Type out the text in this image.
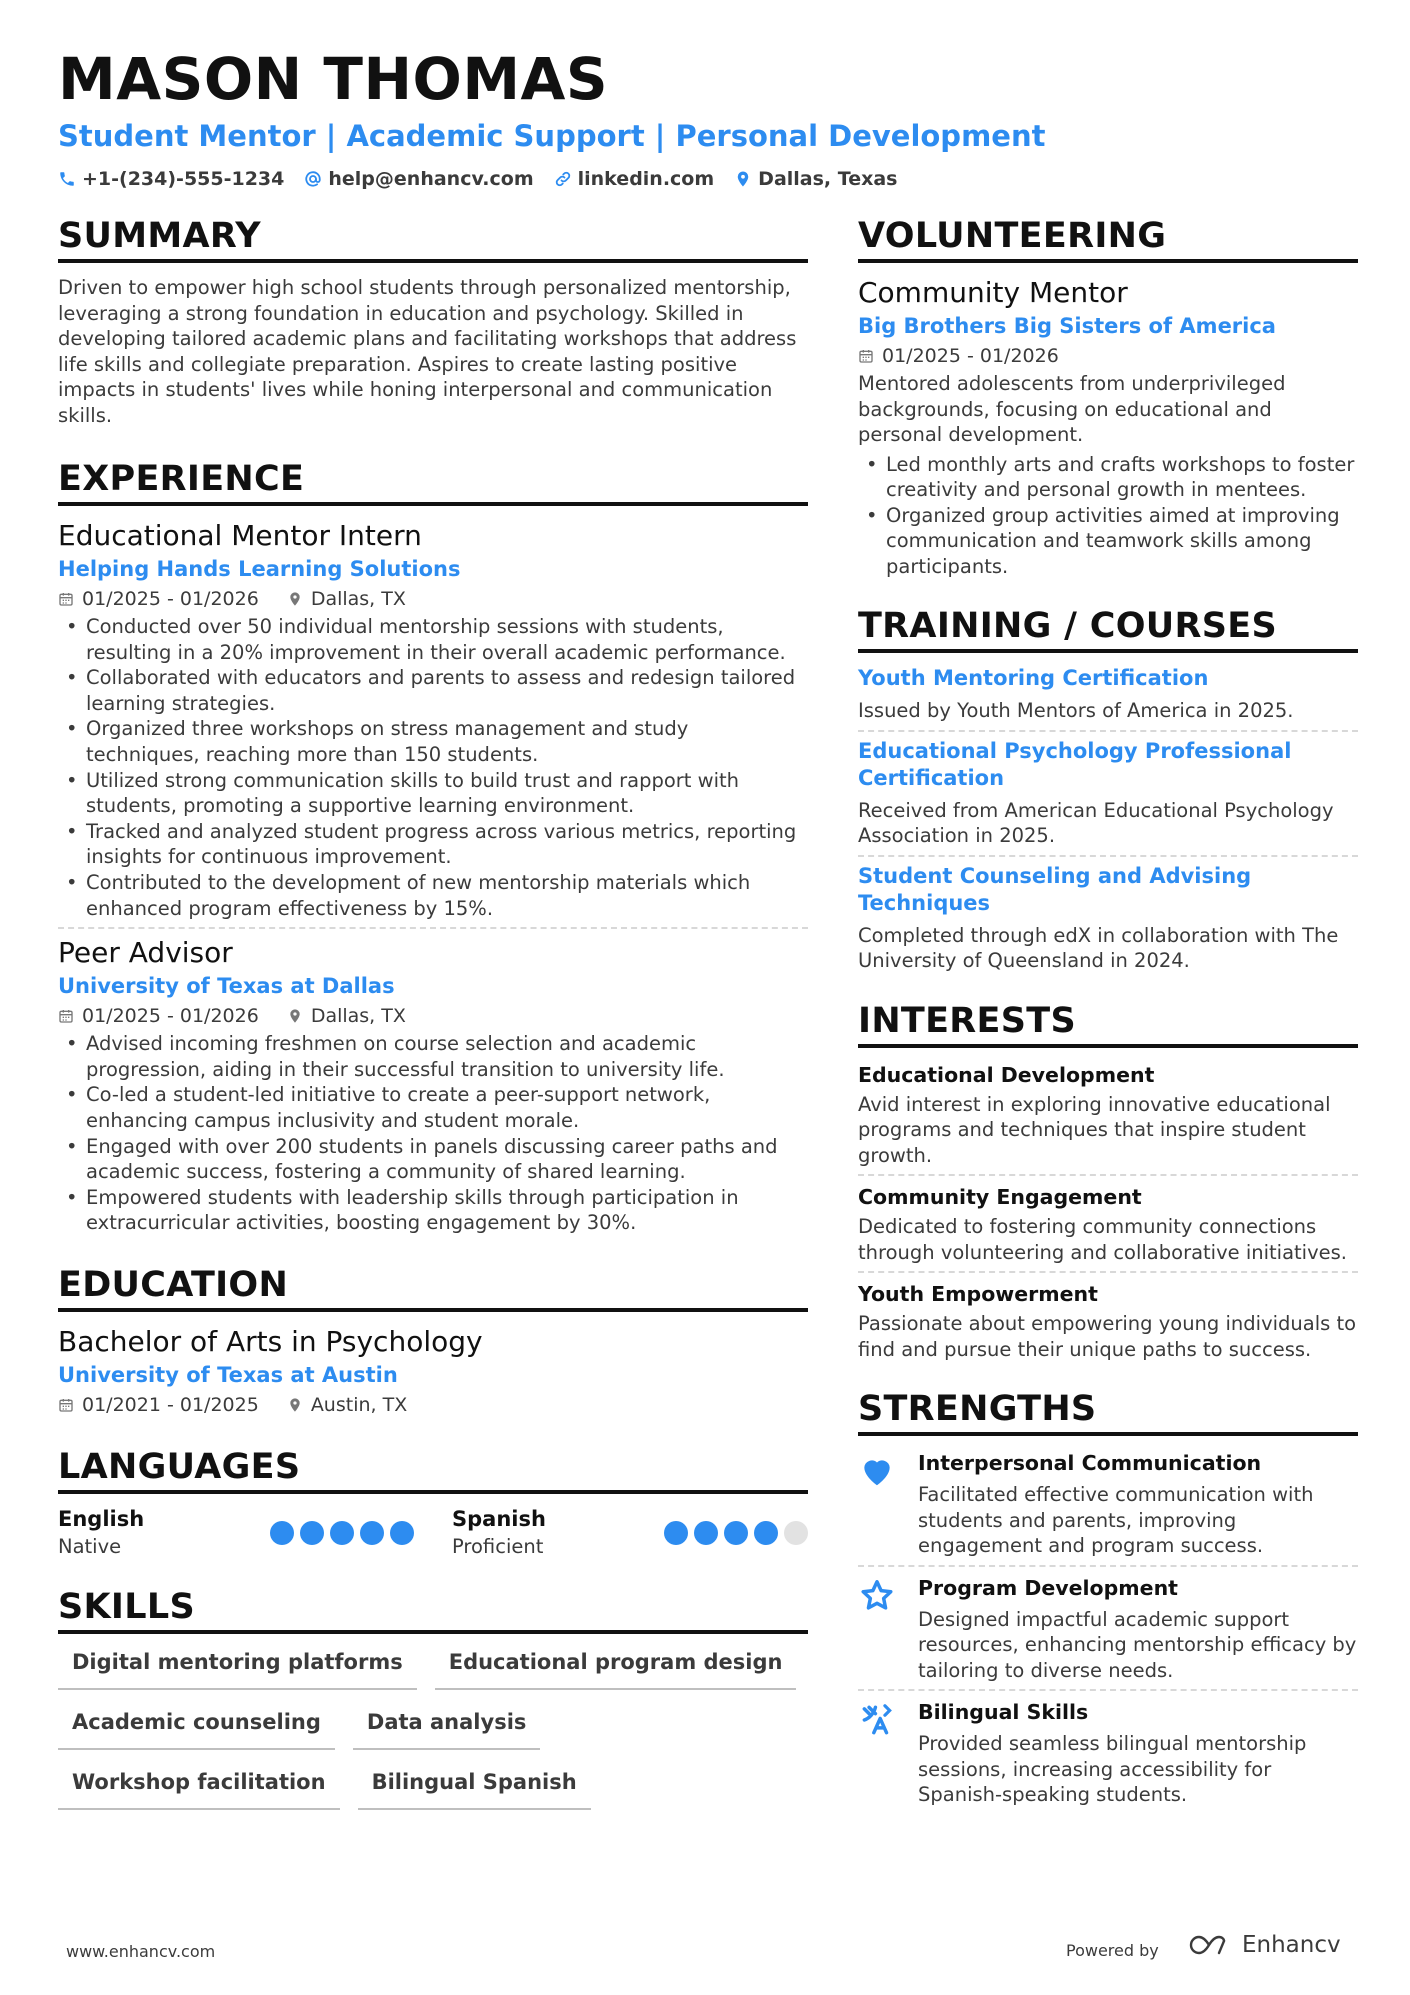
MASON THOMAS
Student Mentor | Academic Support | Personal Development
+1-(234)-555-1234 help@enhancv.com linkedin.com Dallas, Texas
SUMMARY

Driven to empower high school students through personalized mentorship, leveraging a strong foundation in education and psychology. Skilled in developing tailored academic plans and facilitating workshops that address life skills and collegiate preparation. Aspires to create lasting positive impacts in students' lives while honing interpersonal and communication skills.

EXPERIENCE
Educational Mentor Intern
Helping Hands Learning Solutions
01/2025 - 01/2026	Dallas, TX
• Conducted over 50 individual mentorship sessions with students, resulting in a 20% improvement in their overall academic performance.
• Collaborated with educators and parents to assess and redesign tailored learning strategies.
• Organized three workshops on stress management and study techniques, reaching more than 150 students.
• Utilized strong communication skills to build trust and rapport with students, promoting a supportive learning environment.
• Tracked and analyzed student progress across various metrics, reporting insights for continuous improvement.
• Contributed to the development of new mentorship materials which enhanced program effectiveness by 15%.
Peer Advisor
University of Texas at Dallas
01/2025 - 01/2026	Dallas, TX
• Advised incoming freshmen on course selection and academic progression, aiding in their successful transition to university life.
• Co-led a student-led initiative to create a peer-support network, enhancing campus inclusivity and student morale.
• Engaged with over 200 students in panels discussing career paths and academic success, fostering a community of shared learning.
• Empowered students with leadership skills through participation in extracurricular activities, boosting engagement by 30%.
EDUCATION
Bachelor of Arts in Psychology
University of Texas at Austin
01/2021 - 01/2025	Austin, TX
LANGUAGES
English
Native
Spanish
Proficient
SKILLS
Digital mentoring platforms	Educational program design
Academic counseling	Data analysis
Workshop facilitation	Bilingual Spanish
VOLUNTEERING
Community Mentor
Big Brothers Big Sisters of America
01/2025 - 01/2026

Mentored adolescents from underprivileged backgrounds, focusing on educational and personal development.

• Led monthly arts and crafts workshops to foster creativity and personal growth in mentees.
• Organized group activities aimed at improving communication and teamwork skills among participants.
TRAINING / COURSES
Youth Mentoring Certification

Issued by Youth Mentors of America in 2025.

Educational Psychology Professional Certification

Received from American Educational Psychology Association in 2025.

Student Counseling and Advising Techniques

Completed through edX in collaboration with The University of Queensland in 2024.

INTERESTS
Educational Development

Avid interest in exploring innovative educational programs and techniques that inspire student growth.

Community Engagement

Dedicated to fostering community connections through volunteering and collaborative initiatives.

Youth Empowerment

Passionate about empowering young individuals to find and pursue their unique paths to success.

STRENGTHS
Interpersonal Communication

Facilitated effective communication with students and parents, improving engagement and program success.

Program Development

Designed impactful academic support resources, enhancing mentorship efficacy by tailoring to diverse needs.

Bilingual Skills

Provided seamless bilingual mentorship sessions, increasing accessibility for Spanish-speaking students.

www.enhancv.com	Powered by	Enhancv
